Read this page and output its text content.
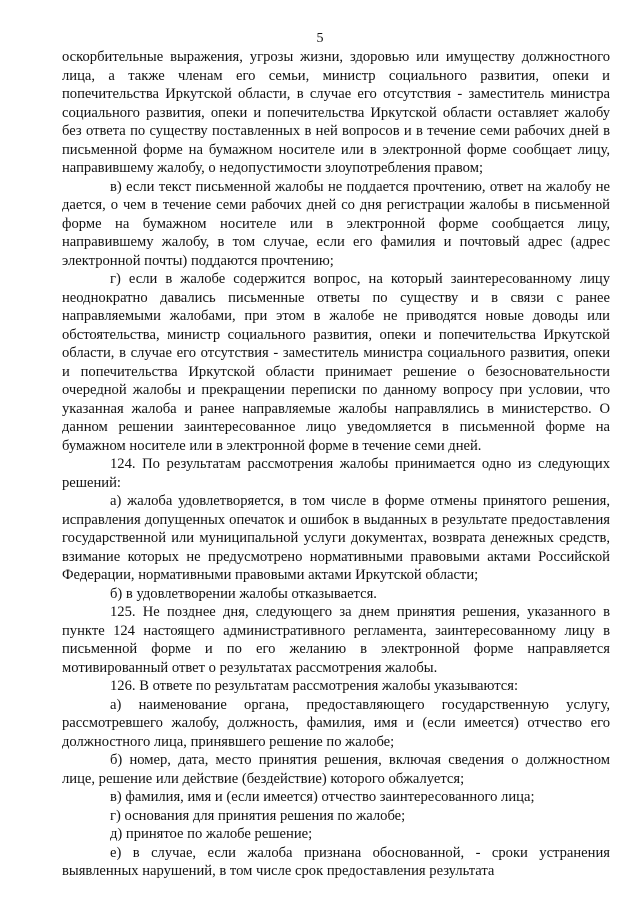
5

оскорбительные выражения, угрозы жизни, здоровью или имуществу должностного лица, а также членам его семьи, министр социального развития, опеки и попечительства Иркутской области, в случае его отсутствия - заместитель министра социального развития, опеки и попечительства Иркутской области оставляет жалобу без ответа по существу поставленных в ней вопросов и в течение семи рабочих дней в письменной форме на бумажном носителе или в электронной форме сообщает лицу, направившему жалобу, о недопустимости злоупотребления правом;

в) если текст письменной жалобы не поддается прочтению, ответ на жалобу не дается, о чем в течение семи рабочих дней со дня регистрации жалобы в письменной форме на бумажном носителе или в электронной форме сообщается лицу, направившему жалобу, в том случае, если его фамилия и почтовый адрес (адрес электронной почты) поддаются прочтению;

г) если в жалобе содержится вопрос, на который заинтересованному лицу неоднократно давались письменные ответы по существу и в связи с ранее направляемыми жалобами, при этом в жалобе не приводятся новые доводы или обстоятельства, министр социального развития, опеки и попечительства Иркутской области, в случае его отсутствия - заместитель министра социального развития, опеки и попечительства Иркутской области принимает решение о безосновательности очередной жалобы и прекращении переписки по данному вопросу при условии, что указанная жалоба и ранее направляемые жалобы направлялись в министерство. О данном решении заинтересованное лицо уведомляется в письменной форме на бумажном носителе или в электронной форме в течение семи дней.

124. По результатам рассмотрения жалобы принимается одно из следующих решений:

а) жалоба удовлетворяется, в том числе в форме отмены принятого решения, исправления допущенных опечаток и ошибок в выданных в результате предоставления государственной или муниципальной услуги документах, возврата денежных средств, взимание которых не предусмотрено нормативными правовыми актами Российской Федерации, нормативными правовыми актами Иркутской области;

б) в удовлетворении жалобы отказывается.

125. Не позднее дня, следующего за днем принятия решения, указанного в пункте 124 настоящего административного регламента, заинтересованному лицу в письменной форме и по его желанию в электронной форме направляется мотивированный ответ о результатах рассмотрения жалобы.

126. В ответе по результатам рассмотрения жалобы указываются:

а) наименование органа, предоставляющего государственную услугу, рассмотревшего жалобу, должность, фамилия, имя и (если имеется) отчество его должностного лица, принявшего решение по жалобе;

б) номер, дата, место принятия решения, включая сведения о должностном лице, решение или действие (бездействие) которого обжалуется;

в) фамилия, имя и (если имеется) отчество заинтересованного лица;

г) основания для принятия решения по жалобе;

д) принятое по жалобе решение;

е) в случае, если жалоба признана обоснованной, - сроки устранения выявленных нарушений, в том числе срок предоставления результата
